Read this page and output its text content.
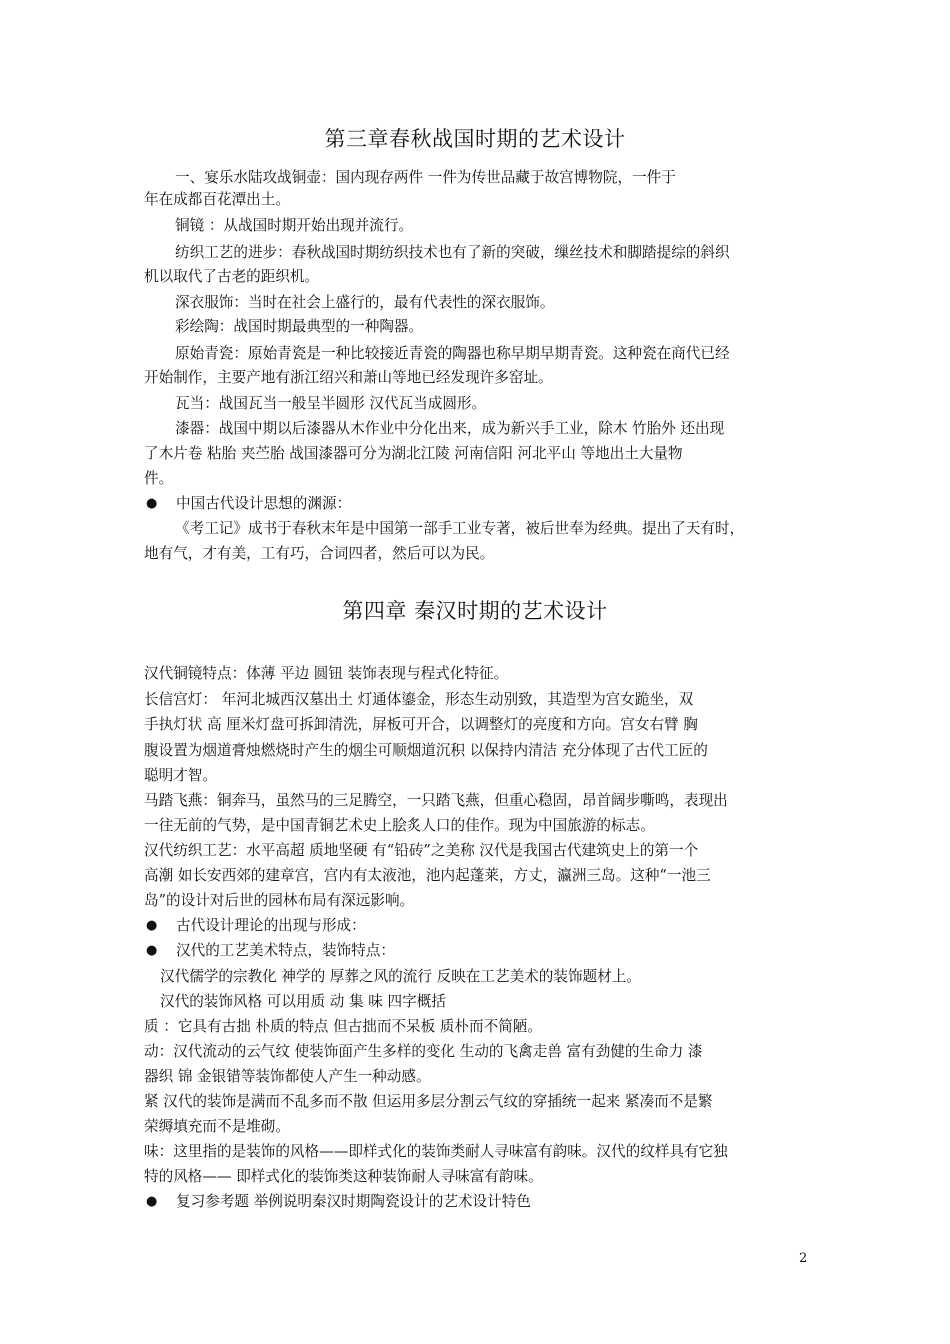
第三章春秋战国时期的艺术设计
一、宴乐水陆攻战铜壶：国内现存两件 一件为传世品藏于故宫博物院，一件于
年在成都百花潭出土。
铜镜 ：从战国时期开始出现并流行。
纺织工艺的进步：春秋战国时期纺织技术也有了新的突破，缫丝技术和脚踏提综的斜织
机以取代了古老的距织机。
深衣服饰：当时在社会上盛行的，最有代表性的深衣服饰。
彩绘陶：战国时期最典型的一种陶器。
原始青瓷：原始青瓷是一种比较接近青瓷的陶器也称早期早期青瓷。这种瓷在商代已经
开始制作，主要产地有浙江绍兴和萧山等地已经发现许多窑址。
瓦当：战国瓦当一般呈半圆形 汉代瓦当成圆形。
漆器：战国中期以后漆器从木作业中分化出来，成为新兴手工业，除木 竹胎外 还出现
了木片卷 粘胎 夹苎胎 战国漆器可分为湖北江陵 河南信阳 河北平山 等地出土大量物
件。
● 中国古代设计思想的渊源：
《考工记》成书于春秋末年是中国第一部手工业专著，被后世奉为经典。提出了天有时，
地有气，才有美，工有巧，合词四者，然后可以为民。
第四章 秦汉时期的艺术设计
汉代铜镜特点：体薄 平边 圆钮 装饰表现与程式化特征。
长信宫灯： 年河北城西汉墓出土 灯通体鎏金，形态生动别致，其造型为宫女跪坐，双
手执灯状 高 厘米灯盘可拆卸清洗，屏板可开合，以调整灯的亮度和方向。宫女右臂 胸
腹设置为烟道膏烛燃烧时产生的烟尘可顺烟道沉积 以保持内清洁 充分体现了古代工匠的
聪明才智。
马踏飞燕：铜奔马，虽然马的三足腾空，一只踏飞燕，但重心稳固，昂首阔步嘶鸣，表现出
一往无前的气势，是中国青铜艺术史上脍炙人口的佳作。现为中国旅游的标志。
汉代纺织工艺：水平高超 质地坚硬 有“铅砖”之美称 汉代是我国古代建筑史上的第一个
高潮 如长安西郊的建章宫，宫内有太液池，池内起蓬莱，方丈，瀛洲三岛。这种“一池三
岛”的设计对后世的园林布局有深远影响。
● 古代设计理论的出现与形成：
● 汉代的工艺美术特点，装饰特点：
汉代儒学的宗教化 神学的 厚葬之风的流行 反映在工艺美术的装饰题材上。
汉代的装饰风格 可以用质 动 集 味 四字概括
质 ：它具有古拙 朴质的特点 但古拙而不呆板 质朴而不简陋。
动：汉代流动的云气纹 使装饰面产生多样的变化 生动的飞禽走兽 富有劲健的生命力 漆
器织 锦 金银错等装饰都使人产生一种动感。
紧 汉代的装饰是满而不乱多而不散 但运用多层分割云气纹的穿插统一起来 紧凑而不是繁
荣缛填充而不是堆砌。
味：这里指的是装饰的风格——即样式化的装饰类耐人寻味富有韵味。汉代的纹样具有它独
特的风格—— 即样式化的装饰类这种装饰耐人寻味富有韵味。
● 复习参考题 举例说明秦汉时期陶瓷设计的艺术设计特色
2
